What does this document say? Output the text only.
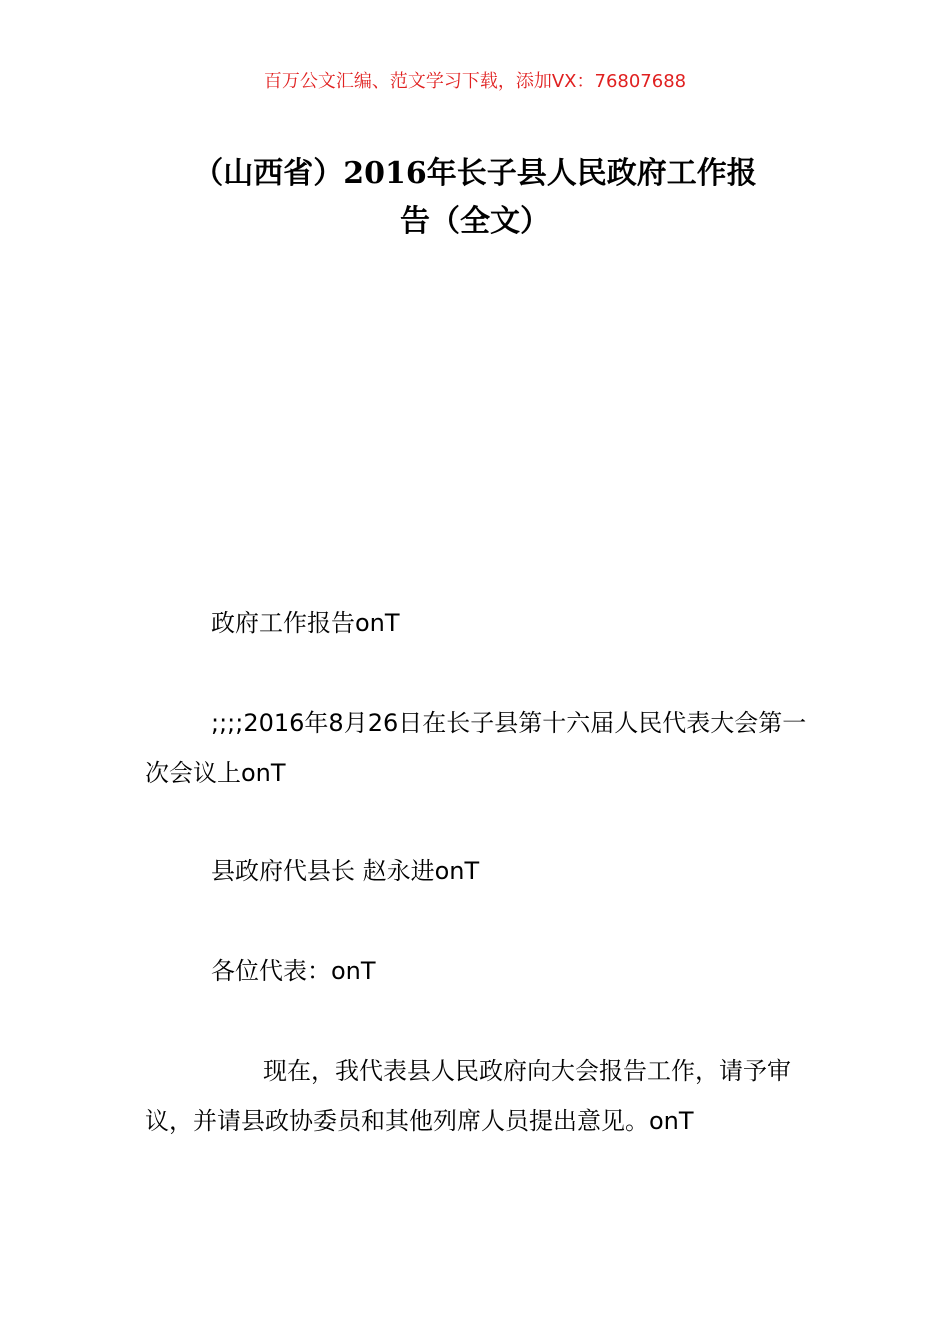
百万公文汇编、范文学习下载，添加VX：76807688
（山西省）2016年长子县人民政府工作报
告（全文）

政府工作报告onT

;;;;2016年8月26日在长子县第十六届人民代表大会第一次会议上onT

县政府代县长 赵永进onT

各位代表：onT

现在，我代表县人民政府向大会报告工作，请予审议，并请县政协委员和其他列席人员提出意见。onT
